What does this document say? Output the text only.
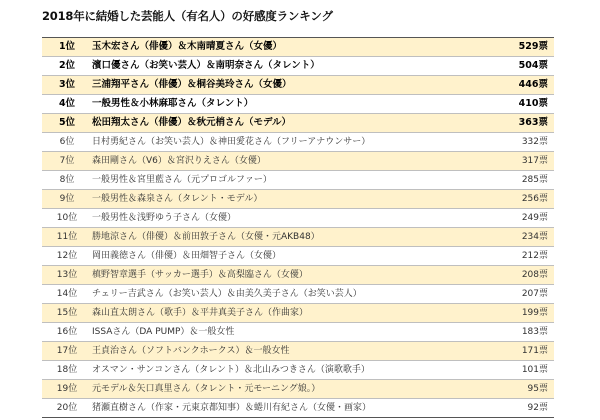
2018年に結婚した芸能人（有名人）の好感度ランキング
1位	玉木宏さん（俳優）＆木南晴夏さん（女優）	529票
2位	濱口優さん（お笑い芸人）＆南明奈さん（タレント）	504票
3位	三浦翔平さん（俳優）＆桐谷美玲さん（女優）	446票
4位	一般男性＆小林麻耶さん（タレント）	410票
5位	松田翔太さん（俳優）＆秋元梢さん（モデル）	363票
6位	日村勇紀さん（お笑い芸人）＆神田愛花さん（フリーアナウンサー）	332票
7位	森田剛さん（V6）＆宮沢りえさん（女優）	317票
8位	一般男性＆宮里藍さん（元プロゴルファー）	285票
9位	一般男性＆森泉さん（タレント・モデル）	256票
10位	一般男性＆浅野ゆう子さん（女優）	249票
11位	勝地涼さん（俳優）＆前田敦子さん（女優・元AKB48）	234票
12位	岡田義徳さん（俳優）＆田畑智子さん（女優）	212票
13位	槙野智章選手（サッカー選手）＆高梨臨さん（女優）	208票
14位	チェリー吉武さん（お笑い芸人）＆由美久美子さん（お笑い芸人）	207票
15位	森山直太朗さん（歌手）＆平井真美子さん（作曲家）	199票
16位	ISSAさん（DA PUMP）＆一般女性	183票
17位	王貞治さん（ソフトバンクホークス）＆一般女性	171票
18位	オスマン・サンコンさん（タレント）＆北山みつきさん（演歌歌手）	101票
19位	元モデル＆矢口真里さん（タレント・元モーニング娘。）	95票
20位	猪瀬直樹さん（作家・元東京都知事）＆蜷川有紀さん（女優・画家）	92票
